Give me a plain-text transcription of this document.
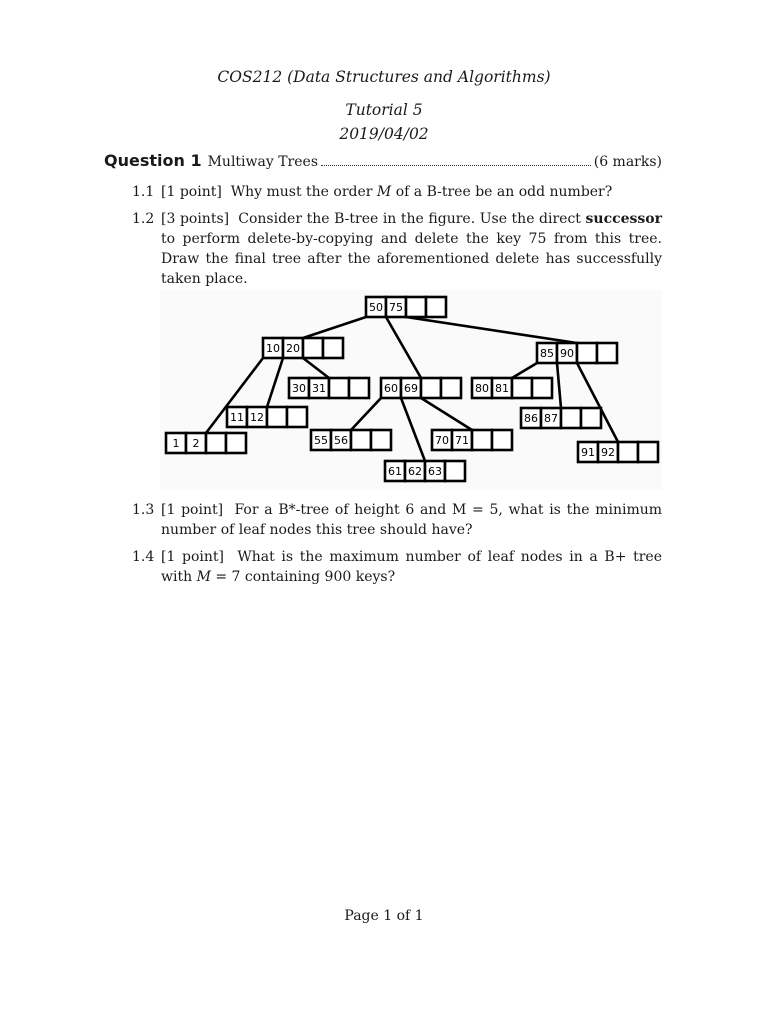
COS212 (Data Structures and Algorithms)
Tutorial 5
2019/04/02
Question 1 Multiway Trees	(6 marks)
1.1 [1 point] Why must the order M of a B-tree be an odd number?
1.2 [3 points] Consider the B-tree in the figure. Use the direct successor to perform delete-by-copying and delete the key 75 from this tree. Draw the final tree after the aforementioned delete has successfully taken place.
50 75
10 20	85 90
30 31	60 69	80 81
11 12	86 87
1 2	55 56	70 71
91 92
61 62 63
1.3 [1 point] For a B*-tree of height 6 and M = 5, what is the minimum number of leaf nodes this tree should have?
1.4 [1 point] What is the maximum number of leaf nodes in a B+ tree with M = 7 containing 900 keys?
Page 1 of 1
